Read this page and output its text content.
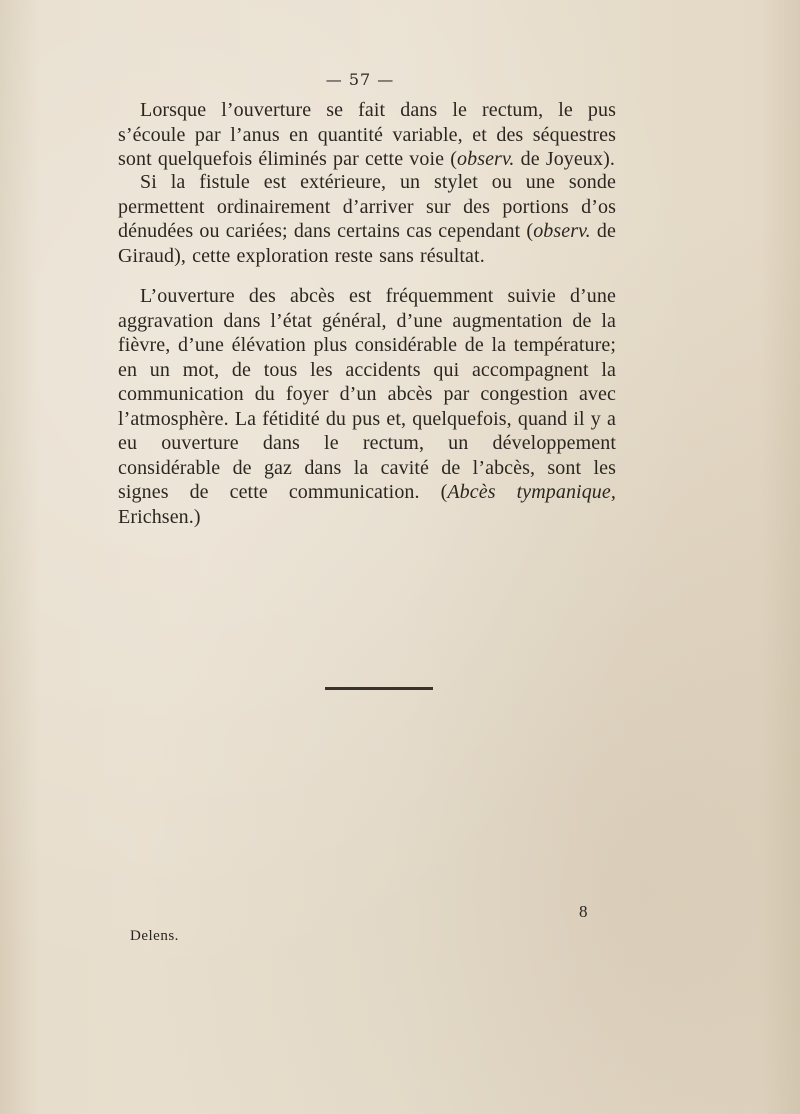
— 57 —

Lorsque l’ouverture se fait dans le rectum, le pus s’écoule par l’anus en quantité variable, et des séquestres sont quelquefois éliminés par cette voie (observ. de Joyeux).

Si la fistule est extérieure, un stylet ou une sonde permettent ordinairement d’arriver sur des portions d’os dénudées ou cariées; dans certains cas cependant (observ. de Giraud), cette exploration reste sans résultat.

L’ouverture des abcès est fréquemment suivie d’une aggravation dans l’état général, d’une augmentation de la fièvre, d’une élévation plus considérable de la température; en un mot, de tous les accidents qui accompagnent la communication du foyer d’un abcès par congestion avec l’atmosphère. La fétidité du pus et, quelquefois, quand il y a eu ouverture dans le rectum, un développement considérable de gaz dans la cavité de l’abcès, sont les signes de cette communication. (Abcès tympanique, Erichsen.)

8
Delens.
